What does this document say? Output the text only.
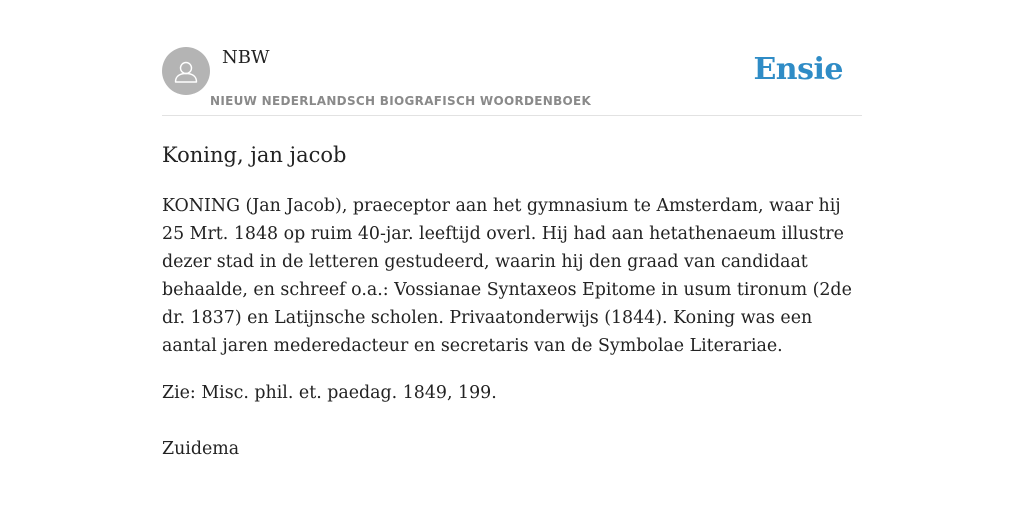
NBW
NIEUW NEDERLANDSCH BIOGRAFISCH WOORDENBOEK
Ensie
Koning, jan jacob

KONING (Jan Jacob), praeceptor aan het gymnasium te Amsterdam, waar hij 25 Mrt. 1848 op ruim 40-jar. leeftijd overl. Hij had aan hetathenaeum illustre dezer stad in de letteren gestudeerd, waarin hij den graad van candidaat behaalde, en schreef o.a.: Vossianae Syntaxeos Epitome in usum tironum (2de dr. 1837) en Latijnsche scholen. Privaatonderwijs (1844). Koning was een aantal jaren mederedacteur en secretaris van de Symbolae Literariae.

Zie: Misc. phil. et. paedag. 1849, 199.

Zuidema
